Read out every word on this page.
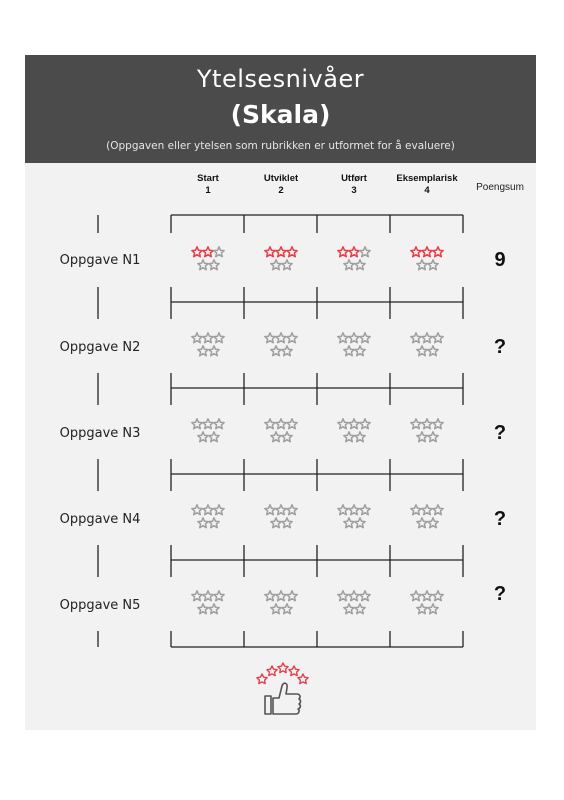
Ytelsesnivåer
(Skala)
(Oppgaven eller ytelsen som rubrikken er utformet for å evaluere)
Start
1
Utviklet
2
Utført
3
Eksemplarisk
4	Poengsum
Oppgave N1
Oppgave N2
Oppgave N3
Oppgave N4
Oppgave N5
9
?
?
?
?
